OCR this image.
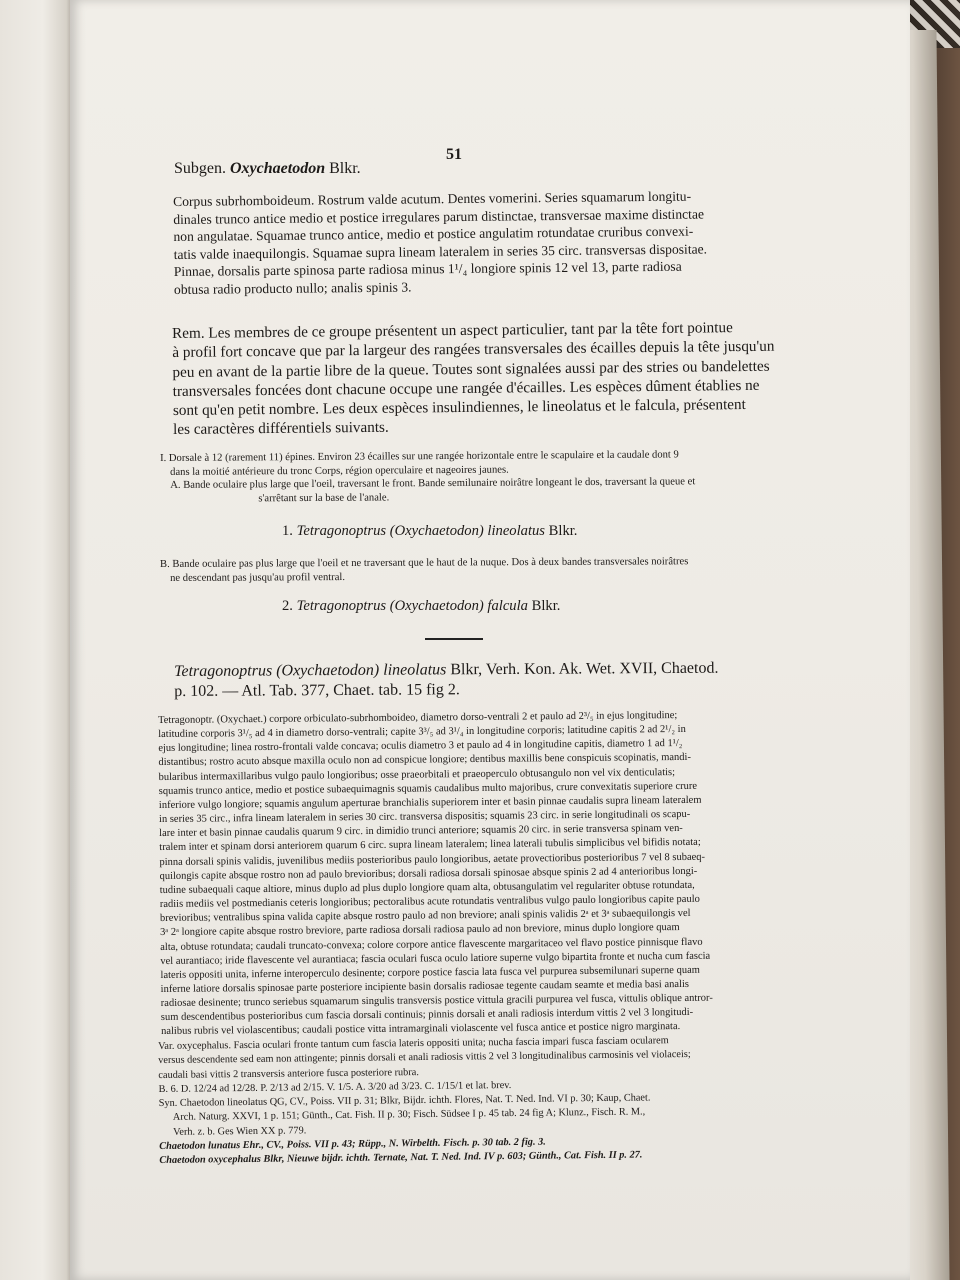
51
Subgen. Oxychaetodon Blkr.
Corpus subrhomboideum. Rostrum valde acutum. Dentes vomerini. Series squamarum longitu-
dinales trunco antice medio et postice irregulares parum distinctae, transversae maxime distinctae
non angulatae. Squamae trunco antice, medio et postice angulatim rotundatae cruribus convexi-
tatis valde inaequilongis. Squamae supra lineam lateralem in series 35 circ. transversas dispositae.
Pinnae, dorsalis parte spinosa parte radiosa minus 1¹/₄ longiore spinis 12 vel 13, parte radiosa
obtusa radio producto nullo; analis spinis 3.
Rem. Les membres de ce groupe présentent un aspect particulier, tant par la tête fort pointue
à profil fort concave que par la largeur des rangées transversales des écailles depuis la tête jusqu'un
peu en avant de la partie libre de la queue. Toutes sont signalées aussi par des stries ou bandelettes
transversales foncées dont chacune occupe une rangée d'écailles. Les espèces dûment établies ne
sont qu'en petit nombre. Les deux espèces insulindiennes, le lineolatus et le falcula, présentent
les caractères différentiels suivants.
I. Dorsale à 12 (rarement 11) épines. Environ 23 écailles sur une rangée horizontale entre le scapulaire et la caudale dont 9
dans la moitié antérieure du tronc Corps, région operculaire et nageoires jaunes.
A. Bande oculaire plus large que l'oeil, traversant le front. Bande semilunaire noirâtre longeant le dos, traversant la queue et
s'arrêtant sur la base de l'anale.
1. Tetragonoptrus (Oxychaetodon) lineolatus Blkr.
B. Bande oculaire pas plus large que l'oeil et ne traversant que le haut de la nuque. Dos à deux bandes transversales noirâtres
ne descendant pas jusqu'au profil ventral.
2. Tetragonoptrus (Oxychaetodon) falcula Blkr.
Tetragonoptrus (Oxychaetodon) lineolatus Blkr, Verh. Kon. Ak. Wet. XVII, Chaetod.
p. 102. — Atl. Tab. 377, Chaet. tab. 15 fig 2.
Tetragonoptr. (Oxychaet.) corpore orbiculato-subrhomboideo, diametro dorso-ventrali 2 et paulo ad 2³/₅ in ejus longitudine;
latitudine corporis 3¹/₅ ad 4 in diametro dorso-ventrali; capite 3³/₅ ad 3¹/₄ in longitudine corporis; latitudine capitis 2 ad 2¹/₂ in
ejus longitudine; linea rostro-frontali valde concava; oculis diametro 3 et paulo ad 4 in longitudine capitis, diametro 1 ad 1¹/₂
distantibus; rostro acuto absque maxilla oculo non ad conspicue longiore; dentibus maxillis bene conspicuis scopinatis, mandi-
bularibus intermaxillaribus vulgo paulo longioribus; osse praeorbitali et praeoperculo obtusangulo non vel vix denticulatis;
squamis trunco antice, medio et postice subaequimagnis squamis caudalibus multo majoribus, crure convexitatis superiore crure
inferiore vulgo longiore; squamis angulum aperturae branchialis superiorem inter et basin pinnae caudalis supra lineam lateralem
in series 35 circ., infra lineam lateralem in series 30 circ. transversa dispositis; squamis 23 circ. in serie longitudinali os scapu-
lare inter et basin pinnae caudalis quarum 9 circ. in dimidio trunci anteriore; squamis 20 circ. in serie transversa spinam ven-
tralem inter et spinam dorsi anteriorem quarum 6 circ. supra lineam lateralem; linea laterali tubulis simplicibus vel bifidis notata;
pinna dorsali spinis validis, juvenilibus mediis posterioribus paulo longioribus, aetate provectioribus posterioribus 7 vel 8 subaeq-
quilongis capite absque rostro non ad paulo brevioribus; dorsali radiosa dorsali spinosae absque spinis 2 ad 4 anterioribus longi-
tudine subaequali caque altiore, minus duplo ad plus duplo longiore quam alta, obtusangulatim vel regulariter obtuse rotundata,
radiis mediis vel postmedianis ceteris longioribus; pectoralibus acute rotundatis ventralibus vulgo paulo longioribus capite paulo
brevioribus; ventralibus spina valida capite absque rostro paulo ad non breviore; anali spinis validis 2ᵃ et 3ᵃ subaequilongis vel
3ᵃ 2ᵃ longiore capite absque rostro breviore, parte radiosa dorsali radiosa paulo ad non breviore, minus duplo longiore quam
alta, obtuse rotundata; caudali truncato-convexa; colore corpore antice flavescente margaritaceo vel flavo postice pinnisque flavo
vel aurantiaco; iride flavescente vel aurantiaca; fascia oculari fusca oculo latiore superne vulgo bipartita fronte et nucha cum fascia
lateris oppositi unita, inferne interoperculo desinente; corpore postice fascia lata fusca vel purpurea subsemilunari superne quam
inferne latiore dorsalis spinosae parte posteriore incipiente basin dorsalis radiosae tegente caudam seamte et media basi analis
radiosae desinente; trunco seriebus squamarum singulis transversis postice vittula gracili purpurea vel fusca, vittulis oblique antror-
sum descendentibus posterioribus cum fascia dorsali continuis; pinnis dorsali et anali radiosis interdum vittis 2 vel 3 longitudi-
nalibus rubris vel violascentibus; caudali postice vitta intramarginali violascente vel fusca antice et postice nigro marginata.
Var. oxycephalus. Fascia oculari fronte tantum cum fascia lateris oppositi unita; nucha fascia impari fusca fasciam ocularem
versus descendente sed eam non attingente; pinnis dorsali et anali radiosis vittis 2 vel 3 longitudinalibus carmosinis vel violaceis;
caudali basi vittis 2 transversis anteriore fusca posteriore rubra.
B. 6. D. 12/24 ad 12/28. P. 2/13 ad 2/15. V. 1/5. A. 3/20 ad 3/23. C. 1/15/1 et lat. brev.
Syn. Chaetodon lineolatus QG, CV., Poiss. VII p. 31; Blkr, Bijdr. ichth. Flores, Nat. T. Ned. Ind. VI p. 30; Kaup, Chaet.
Arch. Naturg. XXVI, 1 p. 151; Günth., Cat. Fish. II p. 30; Fisch. Südsee I p. 45 tab. 24 fig A; Klunz., Fisch. R. M.,
Verh. z. b. Ges Wien XX p. 779.
Chaetodon lunatus Ehr., CV., Poiss. VII p. 43; Rüpp., N. Wirbelth. Fisch. p. 30 tab. 2 fig. 3.
Chaetodon oxycephalus Blkr, Nieuwe bijdr. ichth. Ternate, Nat. T. Ned. Ind. IV p. 603; Günth., Cat. Fish. II p. 27.
